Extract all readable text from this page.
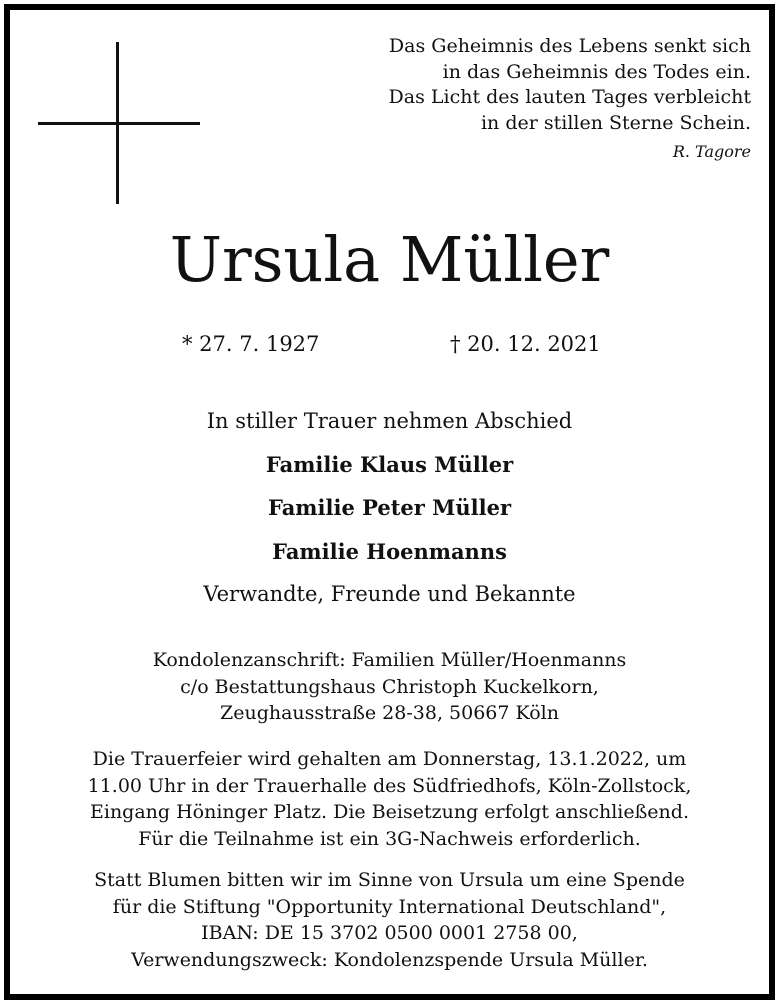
Das Geheimnis des Lebens senkt sich
in das Geheimnis des Todes ein.
Das Licht des lauten Tages verbleicht
in der stillen Sterne Schein.
R. Tagore
Ursula Müller
* 27. 7. 1927	† 20. 12. 2021
In stiller Trauer nehmen Abschied
Familie Klaus Müller
Familie Peter Müller
Familie Hoenmanns
Verwandte, Freunde und Bekannte
Kondolenzanschrift: Familien Müller/Hoenmanns
c/o Bestattungshaus Christoph Kuckelkorn,
Zeughausstraße 28-38, 50667 Köln
Die Trauerfeier wird gehalten am Donnerstag, 13.1.2022, um
11.00 Uhr in der Trauerhalle des Südfriedhofs, Köln-Zollstock,
Eingang Höninger Platz. Die Beisetzung erfolgt anschließend.
Für die Teilnahme ist ein 3G-Nachweis erforderlich.
Statt Blumen bitten wir im Sinne von Ursula um eine Spende
für die Stiftung "Opportunity International Deutschland",
IBAN: DE 15 3702 0500 0001 2758 00,
Verwendungszweck: Kondolenzspende Ursula Müller.
